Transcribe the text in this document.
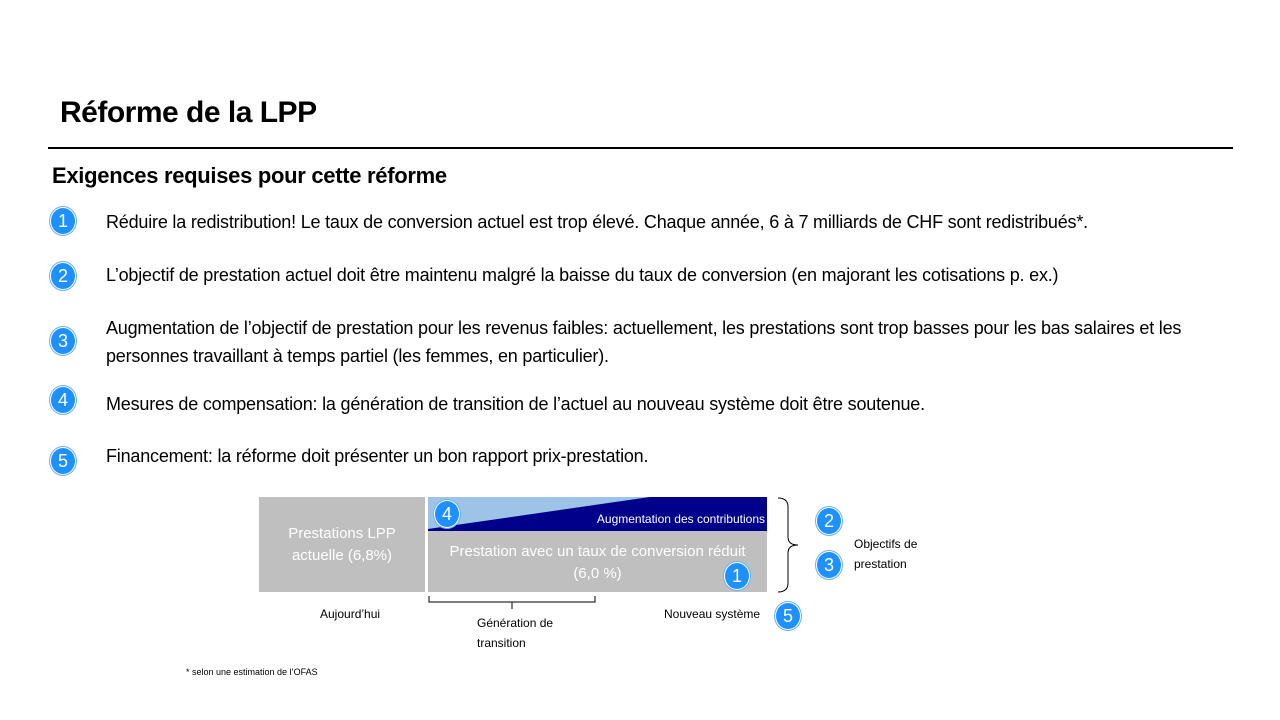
Réforme de la LPP
Exigences requises pour cette réforme
1	Réduire la redistribution! Le taux de conversion actuel est trop élevé. Chaque année, 6 à 7 milliards de CHF sont redistribués*.
2	L’objectif de prestation actuel doit être maintenu malgré la baisse du taux de conversion (en majorant les cotisations p. ex.)
3
Augmentation de l’objectif de prestation pour les revenus faibles: actuellement, les prestations sont trop basses pour les bas salaires et les personnes travaillant à temps partiel (les femmes, en particulier).
4	Mesures de compensation: la génération de transition de l’actuel au nouveau système doit être soutenue.
5	Financement: la réforme doit présenter un bon rapport prix-prestation.
Prestations LPP actuelle (6,8%)
Augmentation des contributions
Prestation avec un taux de conversion réduit (6,0 %)
4
1
2
3
Objectifs de prestation
Aujourd’hui
Génération de transition
Nouveau système	5
* selon une estimation de l’OFAS
